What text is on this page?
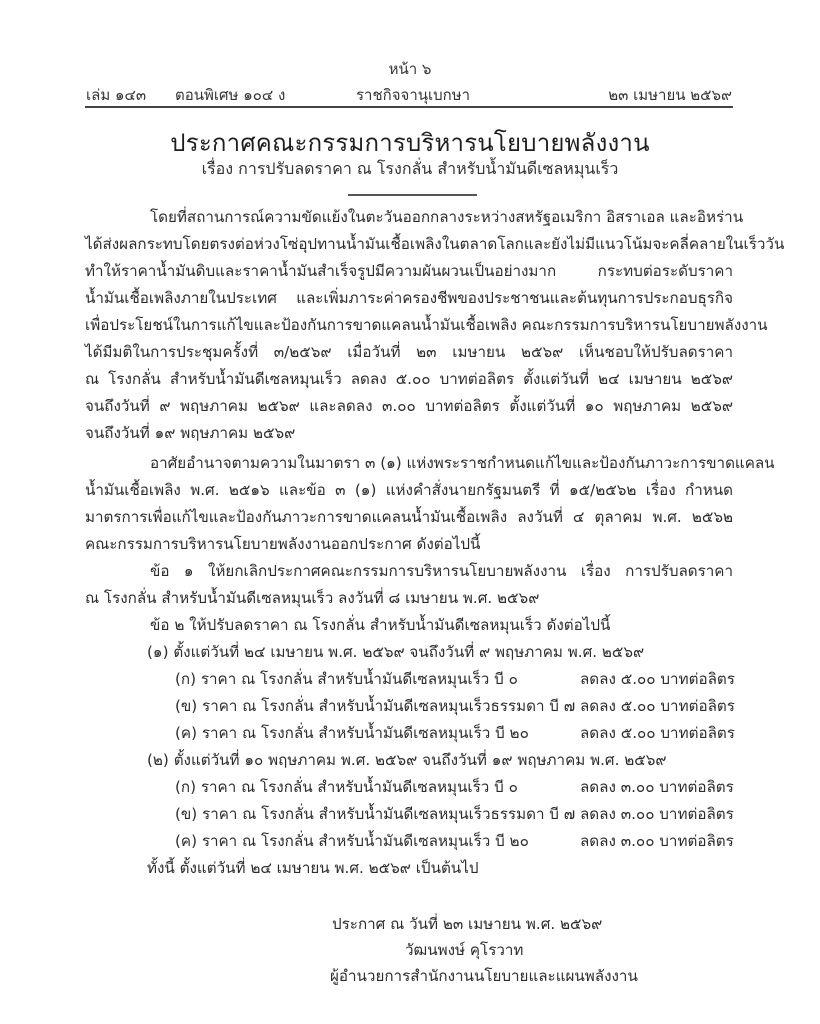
หน้า ๖
เล่ม ๑๔๓ ตอนพิเศษ ๑๐๔ ง	ราชกิจจานุเบกษา	๒๓ เมษายน ๒๕๖๙
ประกาศคณะกรรมการบริหารนโยบายพลังงาน
เรื่อง การปรับลดราคา ณ โรงกลั่น สำหรับน้ำมันดีเซลหมุนเร็ว
โดยที่สถานการณ์ความขัดแย้งในตะวันออกกลางระหว่างสหรัฐอเมริกา อิสราเอล และอิหร่าน
ได้ส่งผลกระทบโดยตรงต่อห่วงโซ่อุปทานน้ำมันเชื้อเพลิงในตลาดโลกและยังไม่มีแนวโน้มจะคลี่คลายในเร็ววัน
ทำให้ราคาน้ำมันดิบและราคาน้ำมันสำเร็จรูปมีความผันผวนเป็นอย่างมาก กระทบต่อระดับราคา
น้ำมันเชื้อเพลิงภายในประเทศ และเพิ่มภาระค่าครองชีพของประชาชนและต้นทุนการประกอบธุรกิจ
เพื่อประโยชน์ในการแก้ไขและป้องกันการขาดแคลนน้ำมันเชื้อเพลิง คณะกรรมการบริหารนโยบายพลังงาน
ได้มีมติในการประชุมครั้งที่ ๓/๒๕๖๙ เมื่อวันที่ ๒๓ เมษายน ๒๕๖๙ เห็นชอบให้ปรับลดราคา
ณ โรงกลั่น สำหรับน้ำมันดีเซลหมุนเร็ว ลดลง ๕.๐๐ บาทต่อลิตร ตั้งแต่วันที่ ๒๔ เมษายน ๒๕๖๙
จนถึงวันที่ ๙ พฤษภาคม ๒๕๖๙ และลดลง ๓.๐๐ บาทต่อลิตร ตั้งแต่วันที่ ๑๐ พฤษภาคม ๒๕๖๙
จนถึงวันที่ ๑๙ พฤษภาคม ๒๕๖๙
อาศัยอำนาจตามความในมาตรา ๓ (๑) แห่งพระราชกำหนดแก้ไขและป้องกันภาวะการขาดแคลน
น้ำมันเชื้อเพลิง พ.ศ. ๒๕๑๖ และข้อ ๓ (๑) แห่งคำสั่งนายกรัฐมนตรี ที่ ๑๕/๒๕๖๒ เรื่อง กำหนด
มาตรการเพื่อแก้ไขและป้องกันภาวะการขาดแคลนน้ำมันเชื้อเพลิง ลงวันที่ ๔ ตุลาคม พ.ศ. ๒๕๖๒
คณะกรรมการบริหารนโยบายพลังงานออกประกาศ ดังต่อไปนี้
ข้อ ๑ ให้ยกเลิกประกาศคณะกรรมการบริหารนโยบายพลังงาน เรื่อง การปรับลดราคา
ณ โรงกลั่น สำหรับน้ำมันดีเซลหมุนเร็ว ลงวันที่ ๘ เมษายน พ.ศ. ๒๕๖๙
ข้อ ๒ ให้ปรับลดราคา ณ โรงกลั่น สำหรับน้ำมันดีเซลหมุนเร็ว ดังต่อไปนี้
(๑) ตั้งแต่วันที่ ๒๔ เมษายน พ.ศ. ๒๕๖๙ จนถึงวันที่ ๙ พฤษภาคม พ.ศ. ๒๕๖๙
(ก) ราคา ณ โรงกลั่น สำหรับน้ำมันดีเซลหมุนเร็ว บี ๐	ลดลง ๕.๐๐ บาทต่อลิตร
(ข) ราคา ณ โรงกลั่น สำหรับน้ำมันดีเซลหมุนเร็วธรรมดา บี ๗ ลดลง ๕.๐๐ บาทต่อลิตร
(ค) ราคา ณ โรงกลั่น สำหรับน้ำมันดีเซลหมุนเร็ว บี ๒๐	ลดลง ๕.๐๐ บาทต่อลิตร
(๒) ตั้งแต่วันที่ ๑๐ พฤษภาคม พ.ศ. ๒๕๖๙ จนถึงวันที่ ๑๙ พฤษภาคม พ.ศ. ๒๕๖๙
(ก) ราคา ณ โรงกลั่น สำหรับน้ำมันดีเซลหมุนเร็ว บี ๐	ลดลง ๓.๐๐ บาทต่อลิตร
(ข) ราคา ณ โรงกลั่น สำหรับน้ำมันดีเซลหมุนเร็วธรรมดา บี ๗ ลดลง ๓.๐๐ บาทต่อลิตร
(ค) ราคา ณ โรงกลั่น สำหรับน้ำมันดีเซลหมุนเร็ว บี ๒๐	ลดลง ๓.๐๐ บาทต่อลิตร
ทั้งนี้ ตั้งแต่วันที่ ๒๔ เมษายน พ.ศ. ๒๕๖๙ เป็นต้นไป
ประกาศ ณ วันที่ ๒๓ เมษายน พ.ศ. ๒๕๖๙
วัฒนพงษ์ คุโรวาท
ผู้อำนวยการสำนักงานนโยบายและแผนพลังงาน
